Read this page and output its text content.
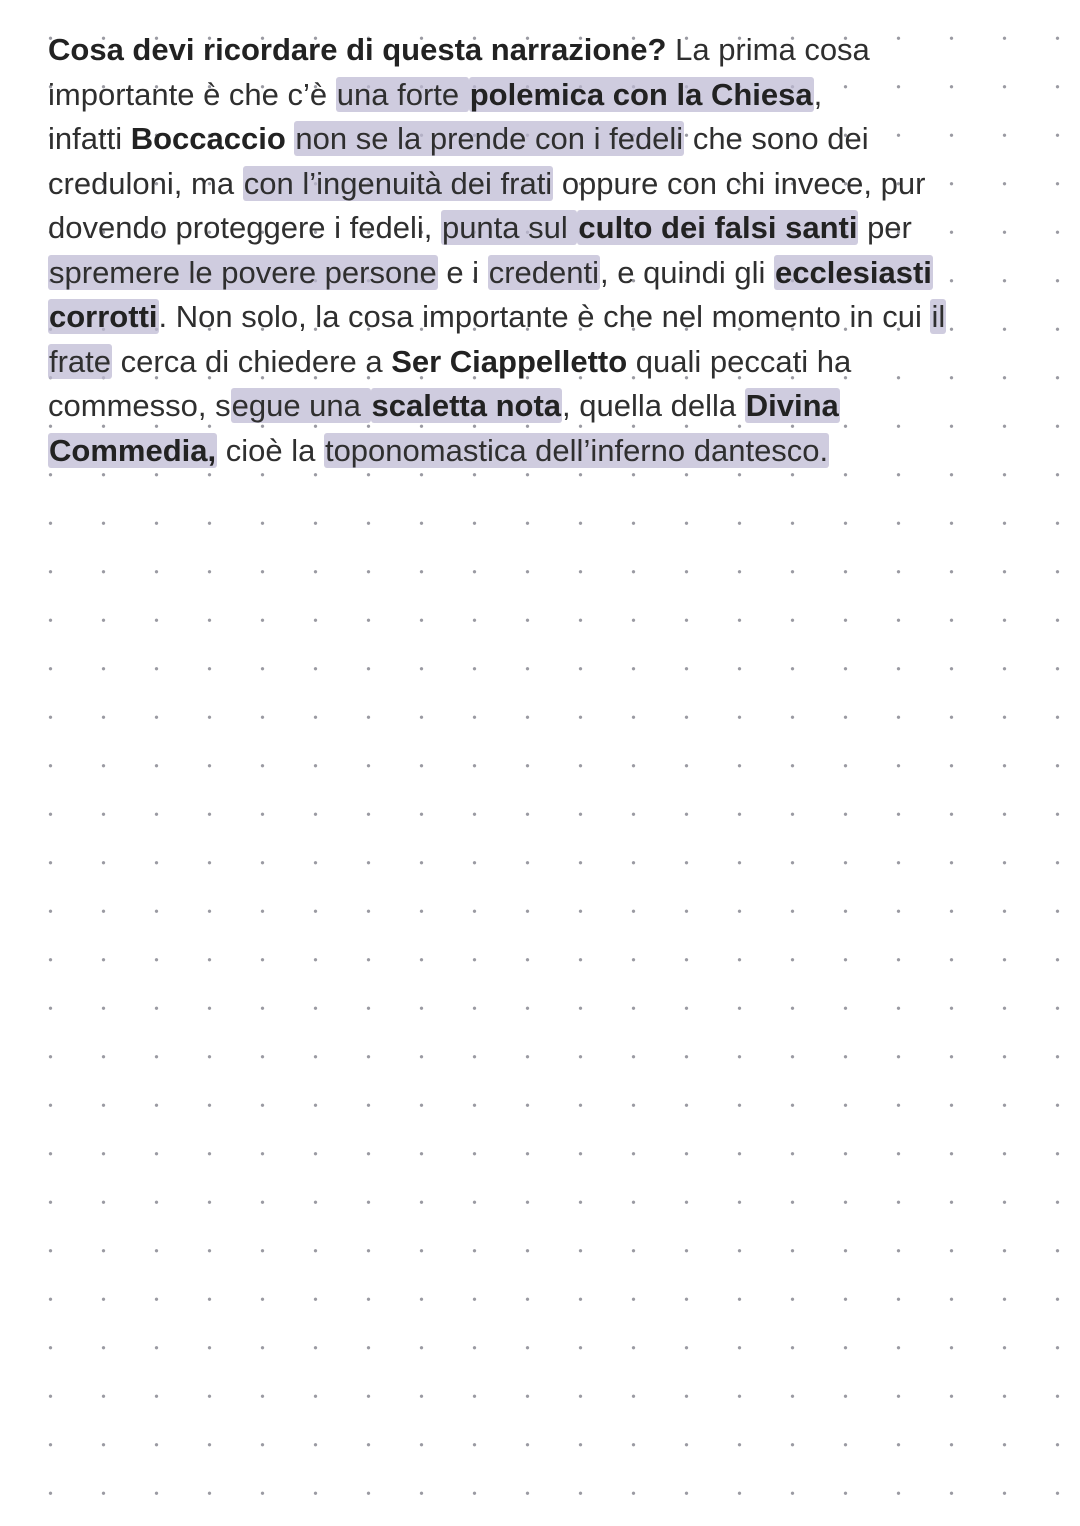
Cosa devi ricordare di questa narrazione? La prima cosa
importante è che c’è una forte polemica con la Chiesa,
infatti Boccaccio non se la prende con i fedeli che sono dei
creduloni, ma con l’ingenuità dei frati oppure con chi invece, pur
dovendo proteggere i fedeli, punta sul culto dei falsi santi per
spremere le povere persone e i credenti, e quindi gli ecclesiasti
corrotti. Non solo, la cosa importante è che nel momento in cui il
frate cerca di chiedere a Ser Ciappelletto quali peccati ha
commesso, segue una scaletta nota, quella della Divina
Commedia, cioè la toponomastica dell’inferno dantesco.
